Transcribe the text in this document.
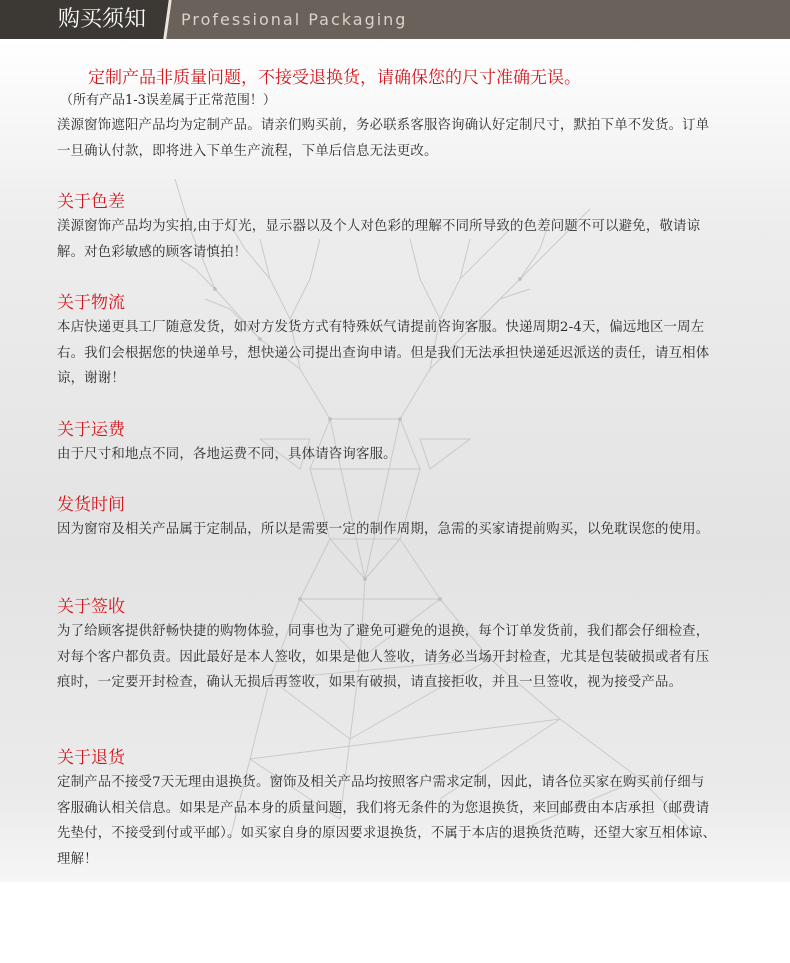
购买须知 Professional Packaging
定制产品非质量问题，不接受退换货，请确保您的尺寸准确无误。
（所有产品1-3误差属于正常范围！）
渼源窗饰遮阳产品均为定制产品。请亲们购买前，务必联系客服咨询确认好定制尺寸，默拍下单不发货。订单一旦确认付款，即将进入下单生产流程，下单后信息无法更改。
关于色差
渼源窗饰产品均为实拍,由于灯光，显示器以及个人对色彩的理解不同所导致的色差问题不可以避免，敬请谅解。对色彩敏感的顾客请慎拍！
关于物流
本店快递更具工厂随意发货，如对方发货方式有特殊妖气请提前咨询客服。快递周期2-4天，偏远地区一周左右。我们会根据您的快递单号，想快递公司提出查询申请。但是我们无法承担快递延迟派送的责任，请互相体谅，谢谢！
关于运费
由于尺寸和地点不同，各地运费不同，具体请咨询客服。
发货时间
因为窗帘及相关产品属于定制品，所以是需要一定的制作周期，急需的买家请提前购买，以免耽误您的使用。
关于签收
为了给顾客提供舒畅快捷的购物体验，同事也为了避免可避免的退换，每个订单发货前，我们都会仔细检查，对每个客户都负责。因此最好是本人签收，如果是他人签收，请务必当场开封检查，尤其是包装破损或者有压痕时，一定要开封检查，确认无损后再签收，如果有破损，请直接拒收，并且一旦签收，视为接受产品。
关于退货
定制产品不接受7天无理由退换货。窗饰及相关产品均按照客户需求定制，因此，请各位买家在购买前仔细与客服确认相关信息。如果是产品本身的质量问题，我们将无条件的为您退换货，来回邮费由本店承担（邮费请先垫付，不接受到付或平邮）。如买家自身的原因要求退换货，不属于本店的退换货范畴，还望大家互相体谅、理解！
